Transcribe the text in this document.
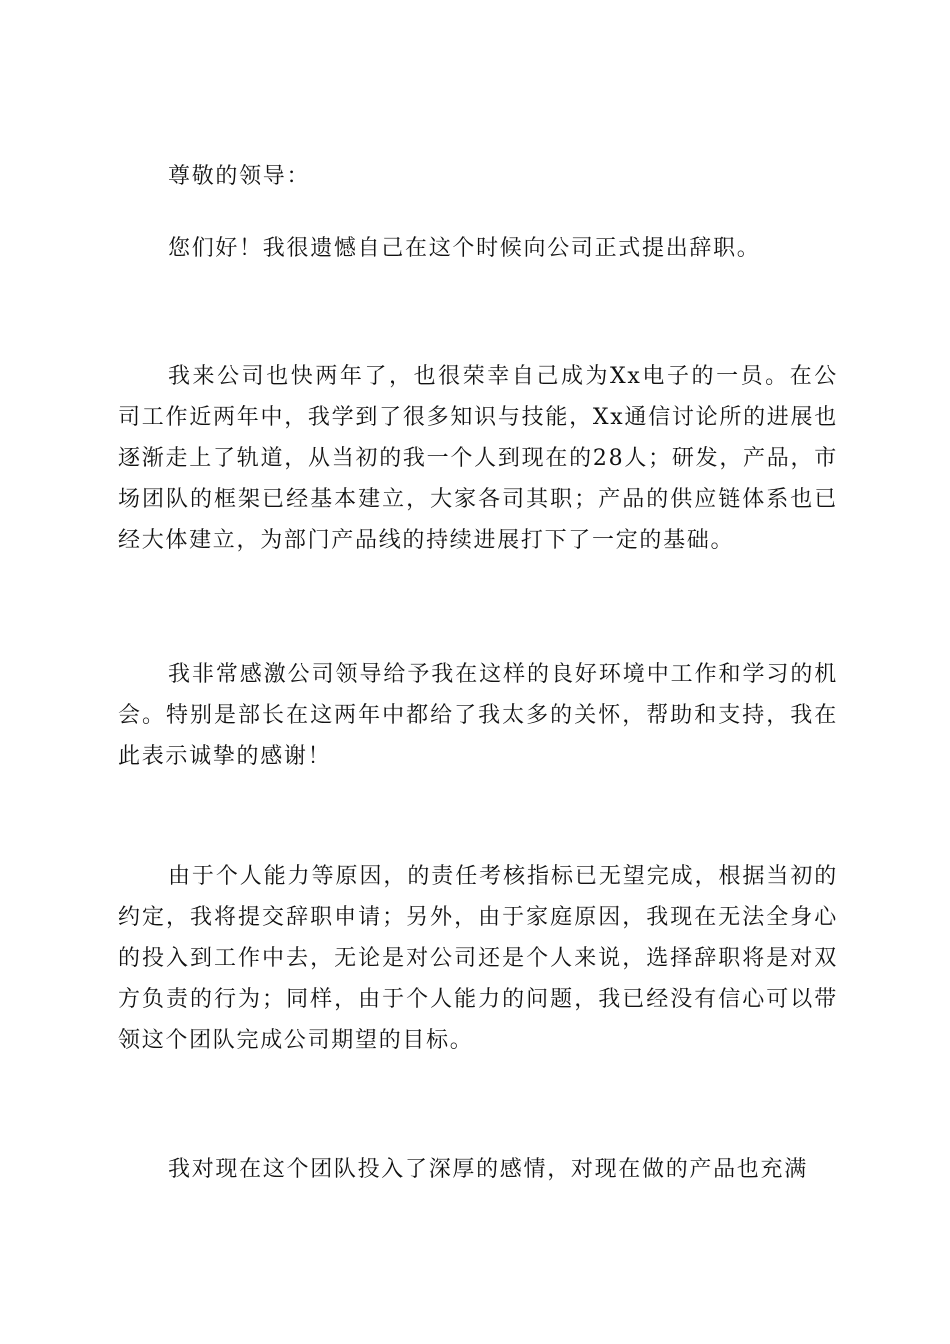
尊敬的领导：

您们好！我很遗憾自己在这个时候向公司正式提出辞职。

我来公司也快两年了，也很荣幸自己成为Xx电子的一员。在公司工作近两年中，我学到了很多知识与技能，Xx通信讨论所的进展也逐渐走上了轨道，从当初的我一个人到现在的28人；研发，产品，市场团队的框架已经基本建立，大家各司其职；产品的供应链体系也已经大体建立，为部门产品线的持续进展打下了一定的基础。

我非常感激公司领导给予我在这样的良好环境中工作和学习的机会。特别是部长在这两年中都给了我太多的关怀，帮助和支持，我在此表示诚挚的感谢！

由于个人能力等原因，的责任考核指标已无望完成，根据当初的约定，我将提交辞职申请；另外，由于家庭原因，我现在无法全身心的投入到工作中去，无论是对公司还是个人来说，选择辞职将是对双方负责的行为；同样，由于个人能力的问题，我已经没有信心可以带领这个团队完成公司期望的目标。

我对现在这个团队投入了深厚的感情，对现在做的产品也充满
